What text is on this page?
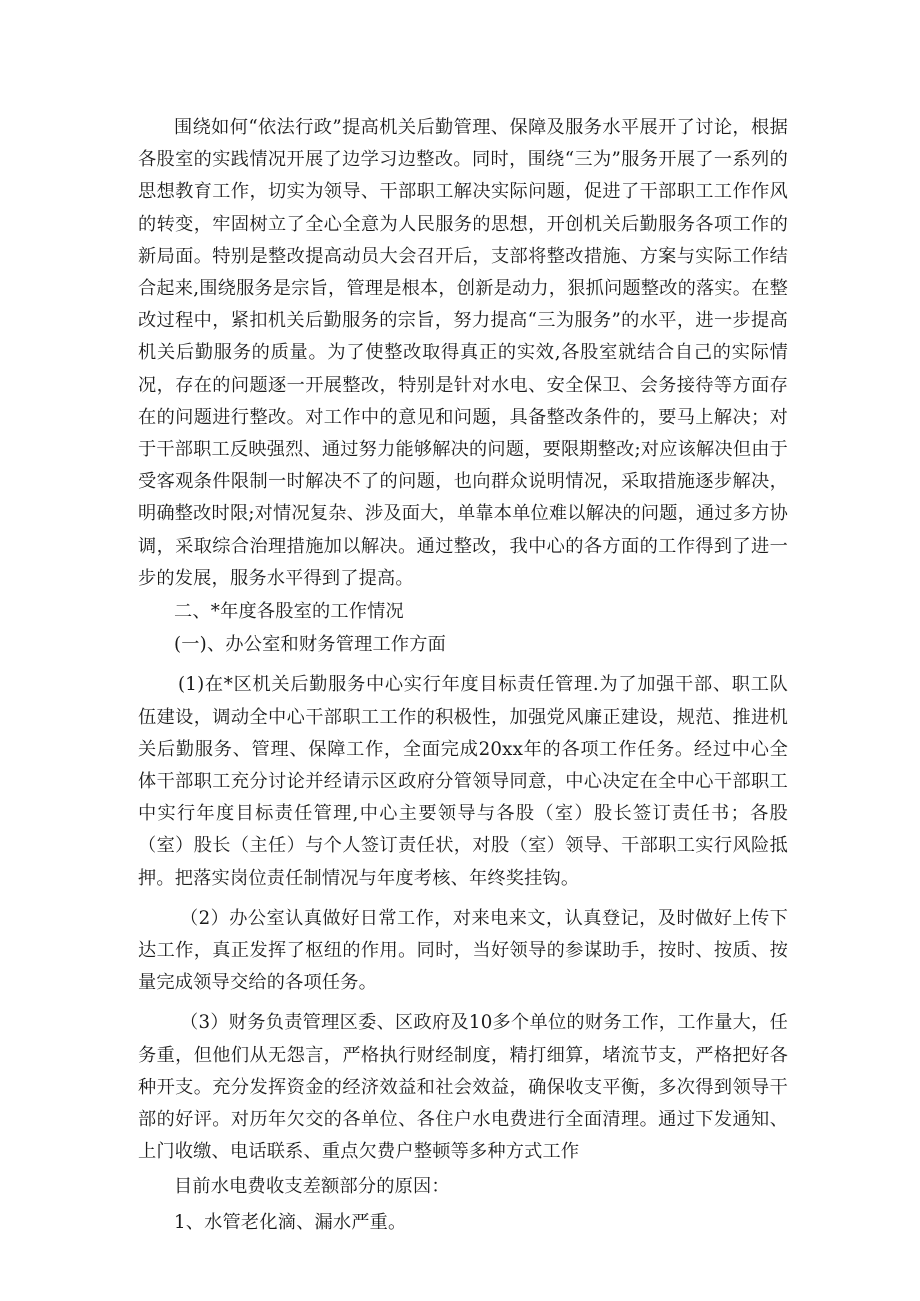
围绕如何“依法行政”提高机关后勤管理、保障及服务水平展开了讨论，根据各股室的实践情况开展了边学习边整改。同时，围绕“三为”服务开展了一系列的思想教育工作，切实为领导、干部职工解决实际问题，促进了干部职工工作作风的转变，牢固树立了全心全意为人民服务的思想，开创机关后勤服务各项工作的新局面。特别是整改提高动员大会召开后，支部将整改措施、方案与实际工作结合起来,围绕服务是宗旨，管理是根本，创新是动力，狠抓问题整改的落实。在整改过程中，紧扣机关后勤服务的宗旨，努力提高“三为服务”的水平，进一步提高机关后勤服务的质量。为了使整改取得真正的实效,各股室就结合自己的实际情况，存在的问题逐一开展整改，特别是针对水电、安全保卫、会务接待等方面存在的问题进行整改。对工作中的意见和问题，具备整改条件的，要马上解决；对于干部职工反映强烈、通过努力能够解决的问题，要限期整改;对应该解决但由于受客观条件限制一时解决不了的问题，也向群众说明情况，采取措施逐步解决，明确整改时限;对情况复杂、涉及面大，单靠本单位难以解决的问题，通过多方协调，采取综合治理措施加以解决。通过整改，我中心的各方面的工作得到了进一步的发展，服务水平得到了提高。

二、*年度各股室的工作情况

(一)、办公室和财务管理工作方面

(1)在*区机关后勤服务中心实行年度目标责任管理.为了加强干部、职工队伍建设，调动全中心干部职工工作的积极性，加强党风廉正建设，规范、推进机关后勤服务、管理、保障工作，全面完成20xx年的各项工作任务。经过中心全体干部职工充分讨论并经请示区政府分管领导同意，中心决定在全中心干部职工中实行年度目标责任管理,中心主要领导与各股（室）股长签订责任书；各股（室）股长（主任）与个人签订责任状，对股（室）领导、干部职工实行风险抵押。把落实岗位责任制情况与年度考核、年终奖挂钩。

（2）办公室认真做好日常工作，对来电来文，认真登记，及时做好上传下达工作，真正发挥了枢纽的作用。同时，当好领导的参谋助手，按时、按质、按量完成领导交给的各项任务。

（3）财务负责管理区委、区政府及10多个单位的财务工作，工作量大，任务重，但他们从无怨言，严格执行财经制度，精打细算，堵流节支，严格把好各种开支。充分发挥资金的经济效益和社会效益，确保收支平衡，多次得到领导干部的好评。对历年欠交的各单位、各住户水电费进行全面清理。通过下发通知、上门收缴、电话联系、重点欠费户整顿等多种方式工作

目前水电费收支差额部分的原因：

1、水管老化滴、漏水严重。
